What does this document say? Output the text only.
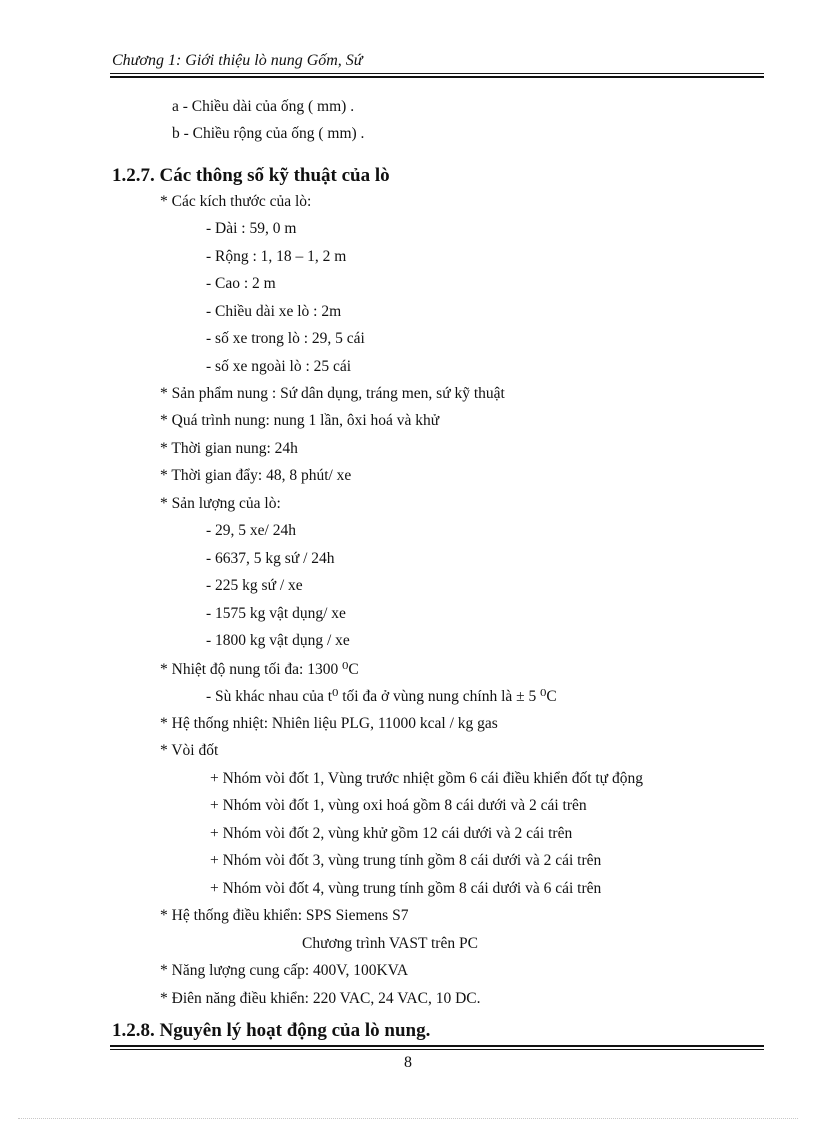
Chương 1: Giới thiệu lò nung Gốm, Sứ
a - Chiều dài của ống ( mm) .
b - Chiều rộng của ống ( mm) .
1.2.7. Các thông số kỹ thuật của lò
* Các kích thước của lò:
- Dài : 59, 0 m
- Rộng : 1, 18 – 1, 2 m
- Cao : 2 m
- Chiều dài xe lò : 2m
- số xe trong lò : 29, 5 cái
- số xe ngoài lò : 25 cái
* Sản phẩm nung : Sứ dân dụng, tráng men, sứ kỹ thuật
* Quá trình nung: nung 1 lần, ôxi hoá và khử
* Thời gian nung: 24h
* Thời gian đẩy: 48, 8 phút/ xe
* Sản lượng của lò:
- 29, 5 xe/ 24h
- 6637, 5 kg sứ / 24h
- 225 kg sứ / xe
- 1575 kg vật dụng/ xe
- 1800 kg vật dụng / xe
* Nhiệt độ nung tối đa: 1300 ⁰C
- Sù khác nhau của t⁰ tối đa ở vùng nung chính là ± 5 ⁰C
* Hệ thống nhiệt: Nhiên liệu PLG, 11000 kcal / kg gas
* Vòi đốt
+ Nhóm vòi đốt 1, Vùng trước nhiệt gồm 6 cái điều khiển đốt tự động
+ Nhóm vòi đốt 1, vùng oxi hoá gồm 8 cái dưới và 2 cái trên
+ Nhóm vòi đốt 2, vùng khử gồm 12 cái dưới và 2 cái trên
+ Nhóm vòi đốt 3, vùng trung tính gồm 8 cái dưới và 2 cái trên
+ Nhóm vòi đốt 4, vùng trung tính gồm 8 cái dưới và 6 cái trên
* Hệ thống điều khiển: SPS Siemens S7
Chương trình VAST trên PC
* Năng lượng cung cấp: 400V, 100KVA
* Điên năng điều khiển: 220 VAC, 24 VAC, 10 DC.
1.2.8. Nguyên lý hoạt động của lò nung.
8
